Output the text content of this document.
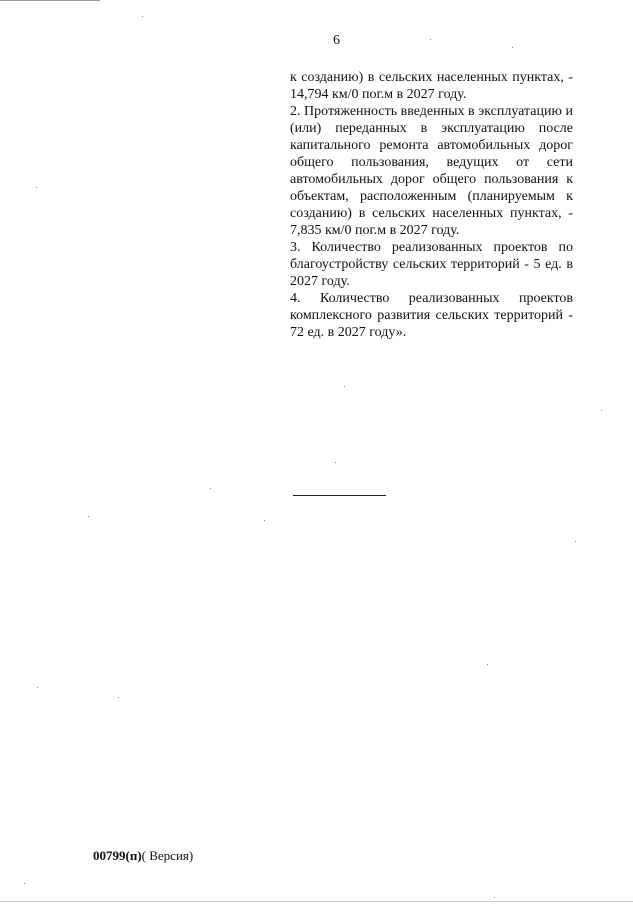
6

к созданию) в сельских населенных пунктах, - 14,794 км/0 пог.м в 2027 году.

2. Протяженность введенных в эксплуатацию и (или) переданных в эксплуатацию после капитального ремонта автомобильных дорог общего пользования, ведущих от сети автомобильных дорог общего пользования к объектам, расположенным (планируемым к созданию) в сельских населенных пунктах, - 7,835 км/0 пог.м в 2027 году.

3. Количество реализованных проектов по благоустройству сельских территорий - 5 ед. в 2027 году.

4. Количество реализованных проектов комплексного развития сельских территорий - 72 ед. в 2027 году».

00799(п)( Версия)
